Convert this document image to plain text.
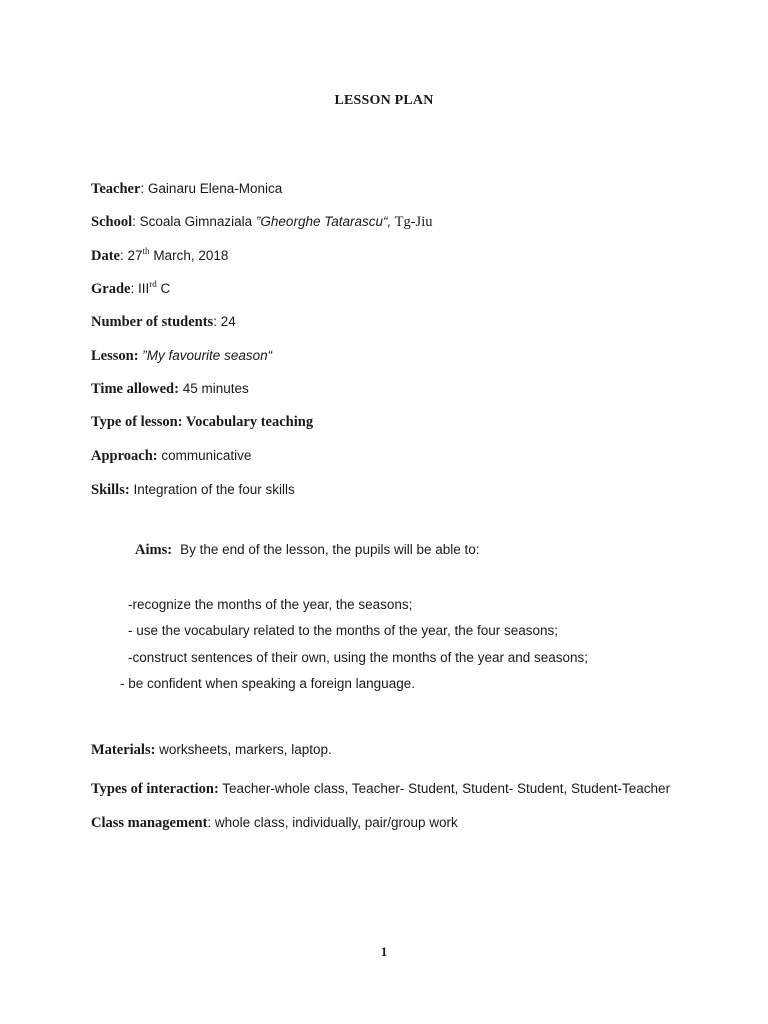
LESSON PLAN
Teacher: Gainaru Elena-Monica
School: Scoala Gimnaziala ”Gheorghe Tatarascu“, Tg-Jiu
Date: 27th March, 2018
Grade: IIIrd C
Number of students: 24
Lesson: ”My favourite season“
Time allowed: 45 minutes
Type of lesson: Vocabulary teaching
Approach: communicative
Skills: Integration of the four skills
Aims: By the end of the lesson, the pupils will be able to:
-recognize the months of the year, the seasons;
- use the vocabulary related to the months of the year, the four seasons;
-construct sentences of their own, using the months of the year and seasons;
- be confident when speaking a foreign language.
Materials: worksheets, markers, laptop.
Types of interaction: Teacher-whole class, Teacher- Student, Student- Student, Student-Teacher
Class management: whole class, individually, pair/group work
1
